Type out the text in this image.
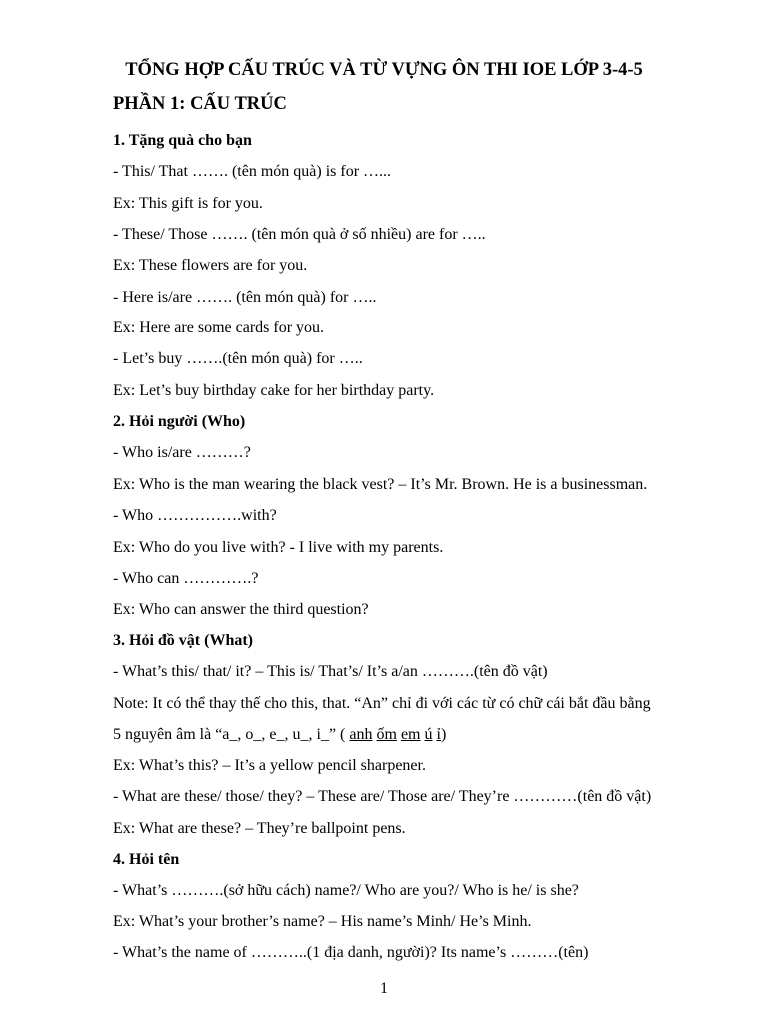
TỔNG HỢP CẤU TRÚC VÀ TỪ VỰNG ÔN THI IOE LỚP 3-4-5
PHẦN 1: CẤU TRÚC
1. Tặng quà cho bạn
- This/ That ……. (tên món quà) is for …...
Ex: This gift is for you.
- These/ Those ……. (tên món quà ở số nhiều) are for …..
Ex: These flowers are for you.
- Here is/are ……. (tên món quà) for …..
Ex: Here are some cards for you.
- Let’s buy …….(tên món quà) for …..
Ex: Let’s buy birthday cake for her birthday party.
2. Hỏi người (Who)
- Who is/are ………?
Ex: Who is the man wearing the black vest? – It’s Mr. Brown. He is a businessman.
- Who …………….with?
Ex: Who do you live with? - I live with my parents.
- Who can ………….?
Ex: Who can answer the third question?
3. Hỏi đồ vật (What)
- What’s this/ that/ it? – This is/ That’s/ It’s a/an ……….(tên đồ vật)
Note: It có thể thay thế cho this, that. “An” chỉ đi với các từ có chữ cái bắt đầu bằng
5 nguyên âm là “a_, o_, e_, u_, i_” ( anh ốm em ú ỉ)
Ex: What’s this? – It’s a yellow pencil sharpener.
- What are these/ those/ they? – These are/ Those are/ They’re …………(tên đồ vật)
Ex: What are these? – They’re ballpoint pens.
4. Hỏi tên
- What’s ……….(sở hữu cách) name?/ Who are you?/ Who is he/ is she?
Ex: What’s your brother’s name? – His name’s Minh/ He’s Minh.
- What’s the name of ………..(1 địa danh, người)? Its name’s ………(tên)
1
